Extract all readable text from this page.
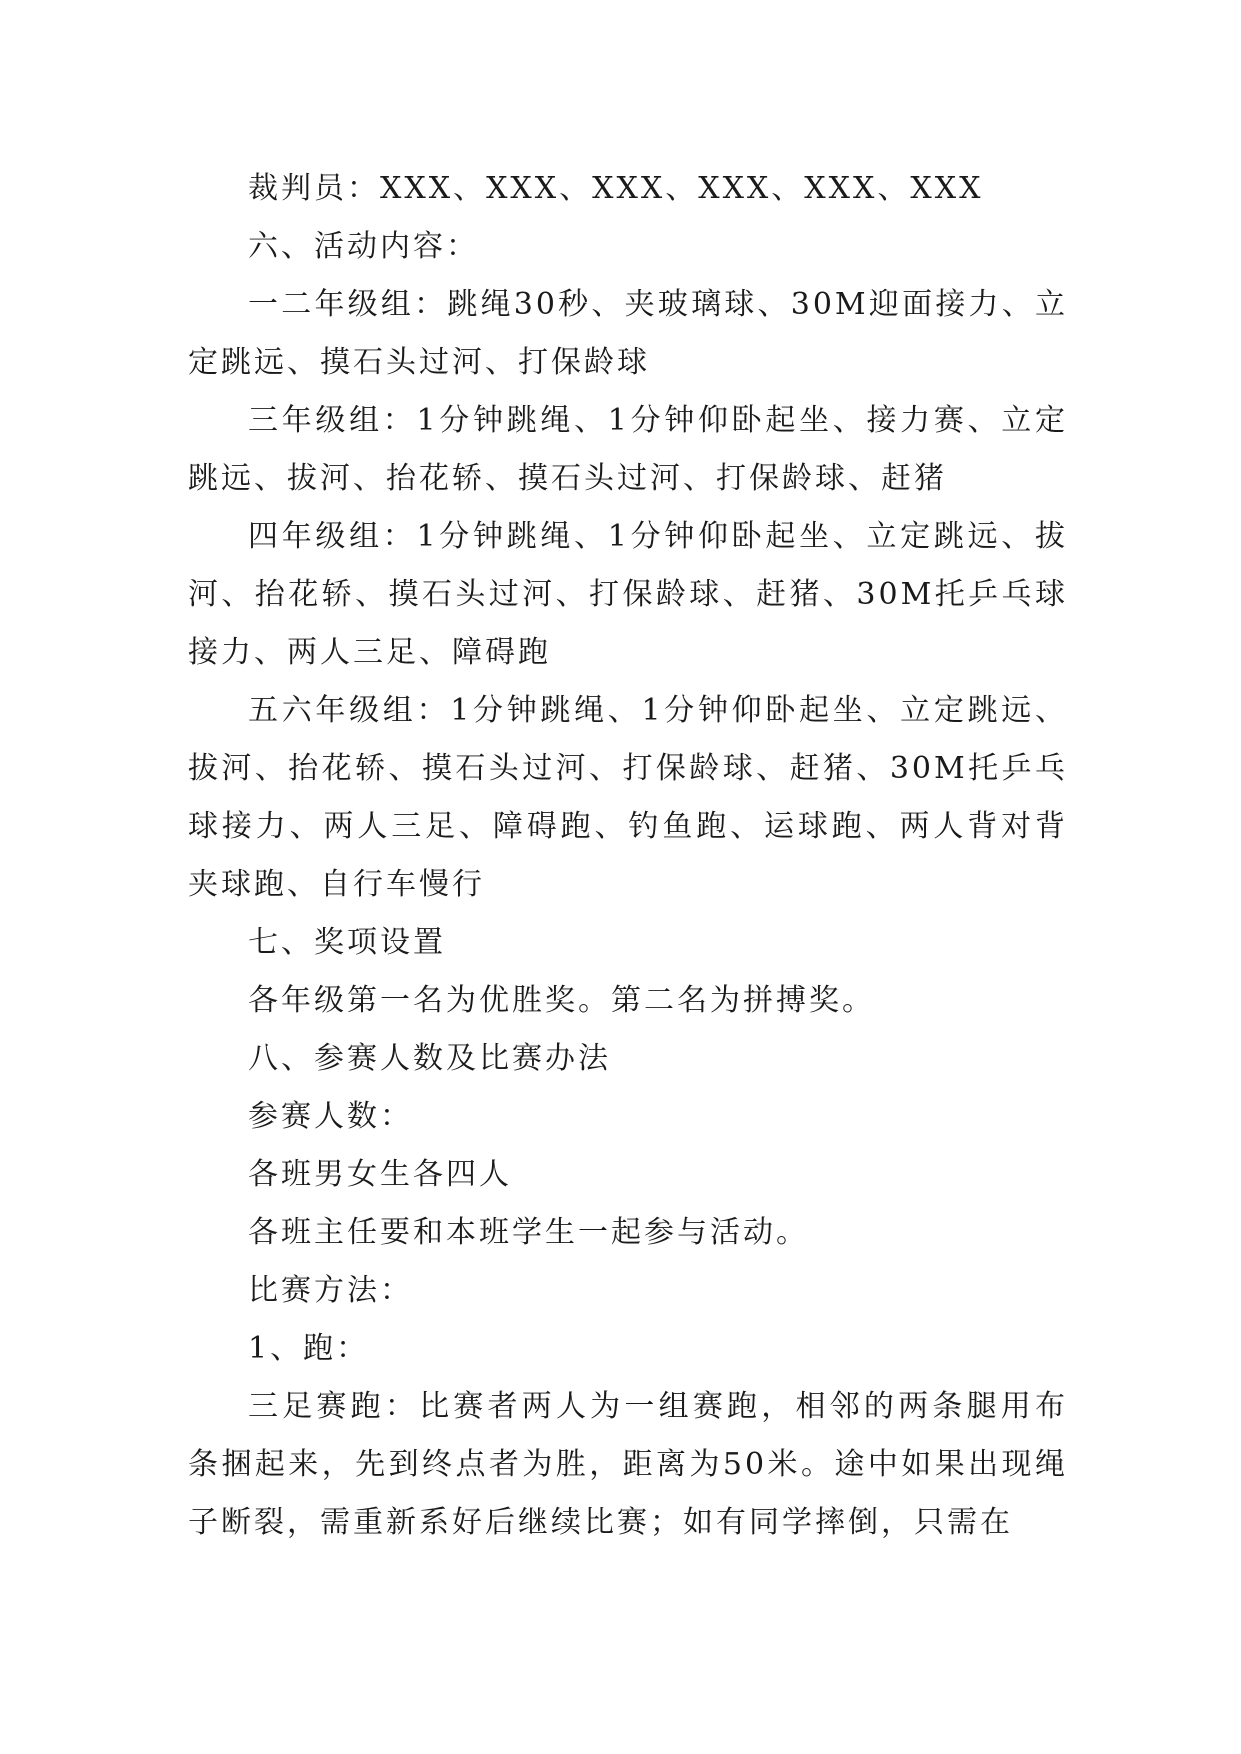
裁判员：XXX、XXX、XXX、XXX、XXX、XXX

六、活动内容：

一二年级组：跳绳30秒、夹玻璃球、30M迎面接力、立定跳远、摸石头过河、打保龄球

三年级组：1分钟跳绳、1分钟仰卧起坐、接力赛、立定跳远、拔河、抬花轿、摸石头过河、打保龄球、赶猪

四年级组：1分钟跳绳、1分钟仰卧起坐、立定跳远、拔河、抬花轿、摸石头过河、打保龄球、赶猪、30M托乒乓球接力、两人三足、障碍跑

五六年级组：1分钟跳绳、1分钟仰卧起坐、立定跳远、拔河、抬花轿、摸石头过河、打保龄球、赶猪、30M托乒乓球接力、两人三足、障碍跑、钓鱼跑、运球跑、两人背对背夹球跑、自行车慢行

七、奖项设置

各年级第一名为优胜奖。第二名为拼搏奖。

八、参赛人数及比赛办法

参赛人数：

各班男女生各四人

各班主任要和本班学生一起参与活动。

比赛方法：

1、跑：

三足赛跑：比赛者两人为一组赛跑，相邻的两条腿用布条捆起来，先到终点者为胜，距离为50米。途中如果出现绳子断裂，需重新系好后继续比赛；如有同学摔倒，只需在
